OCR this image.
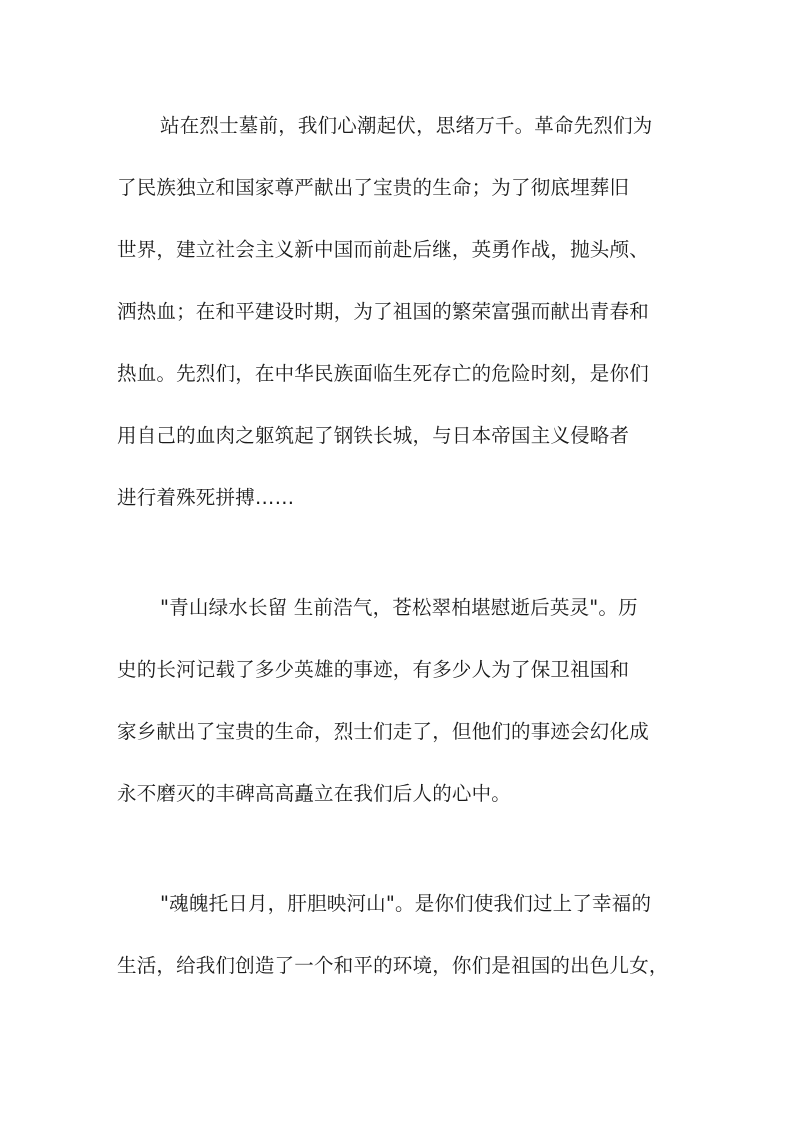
站在烈士墓前，我们心潮起伏，思绪万千。革命先烈们为
了民族独立和国家尊严献出了宝贵的生命；为了彻底埋葬旧
世界，建立社会主义新中国而前赴后继，英勇作战，抛头颅、
洒热血；在和平建设时期，为了祖国的繁荣富强而献出青春和
热血。先烈们，在中华民族面临生死存亡的危险时刻，是你们
用自己的血肉之躯筑起了钢铁长城，与日本帝国主义侵略者
进行着殊死拼搏……
"青山绿水长留 生前浩气，苍松翠柏堪慰逝后英灵"。历
史的长河记载了多少英雄的事迹，有多少人为了保卫祖国和
家乡献出了宝贵的生命，烈士们走了，但他们的事迹会幻化成
永不磨灭的丰碑高高矗立在我们后人的心中。
"魂魄托日月，肝胆映河山"。是你们使我们过上了幸福的
生活，给我们创造了一个和平的环境，你们是祖国的出色儿女，
